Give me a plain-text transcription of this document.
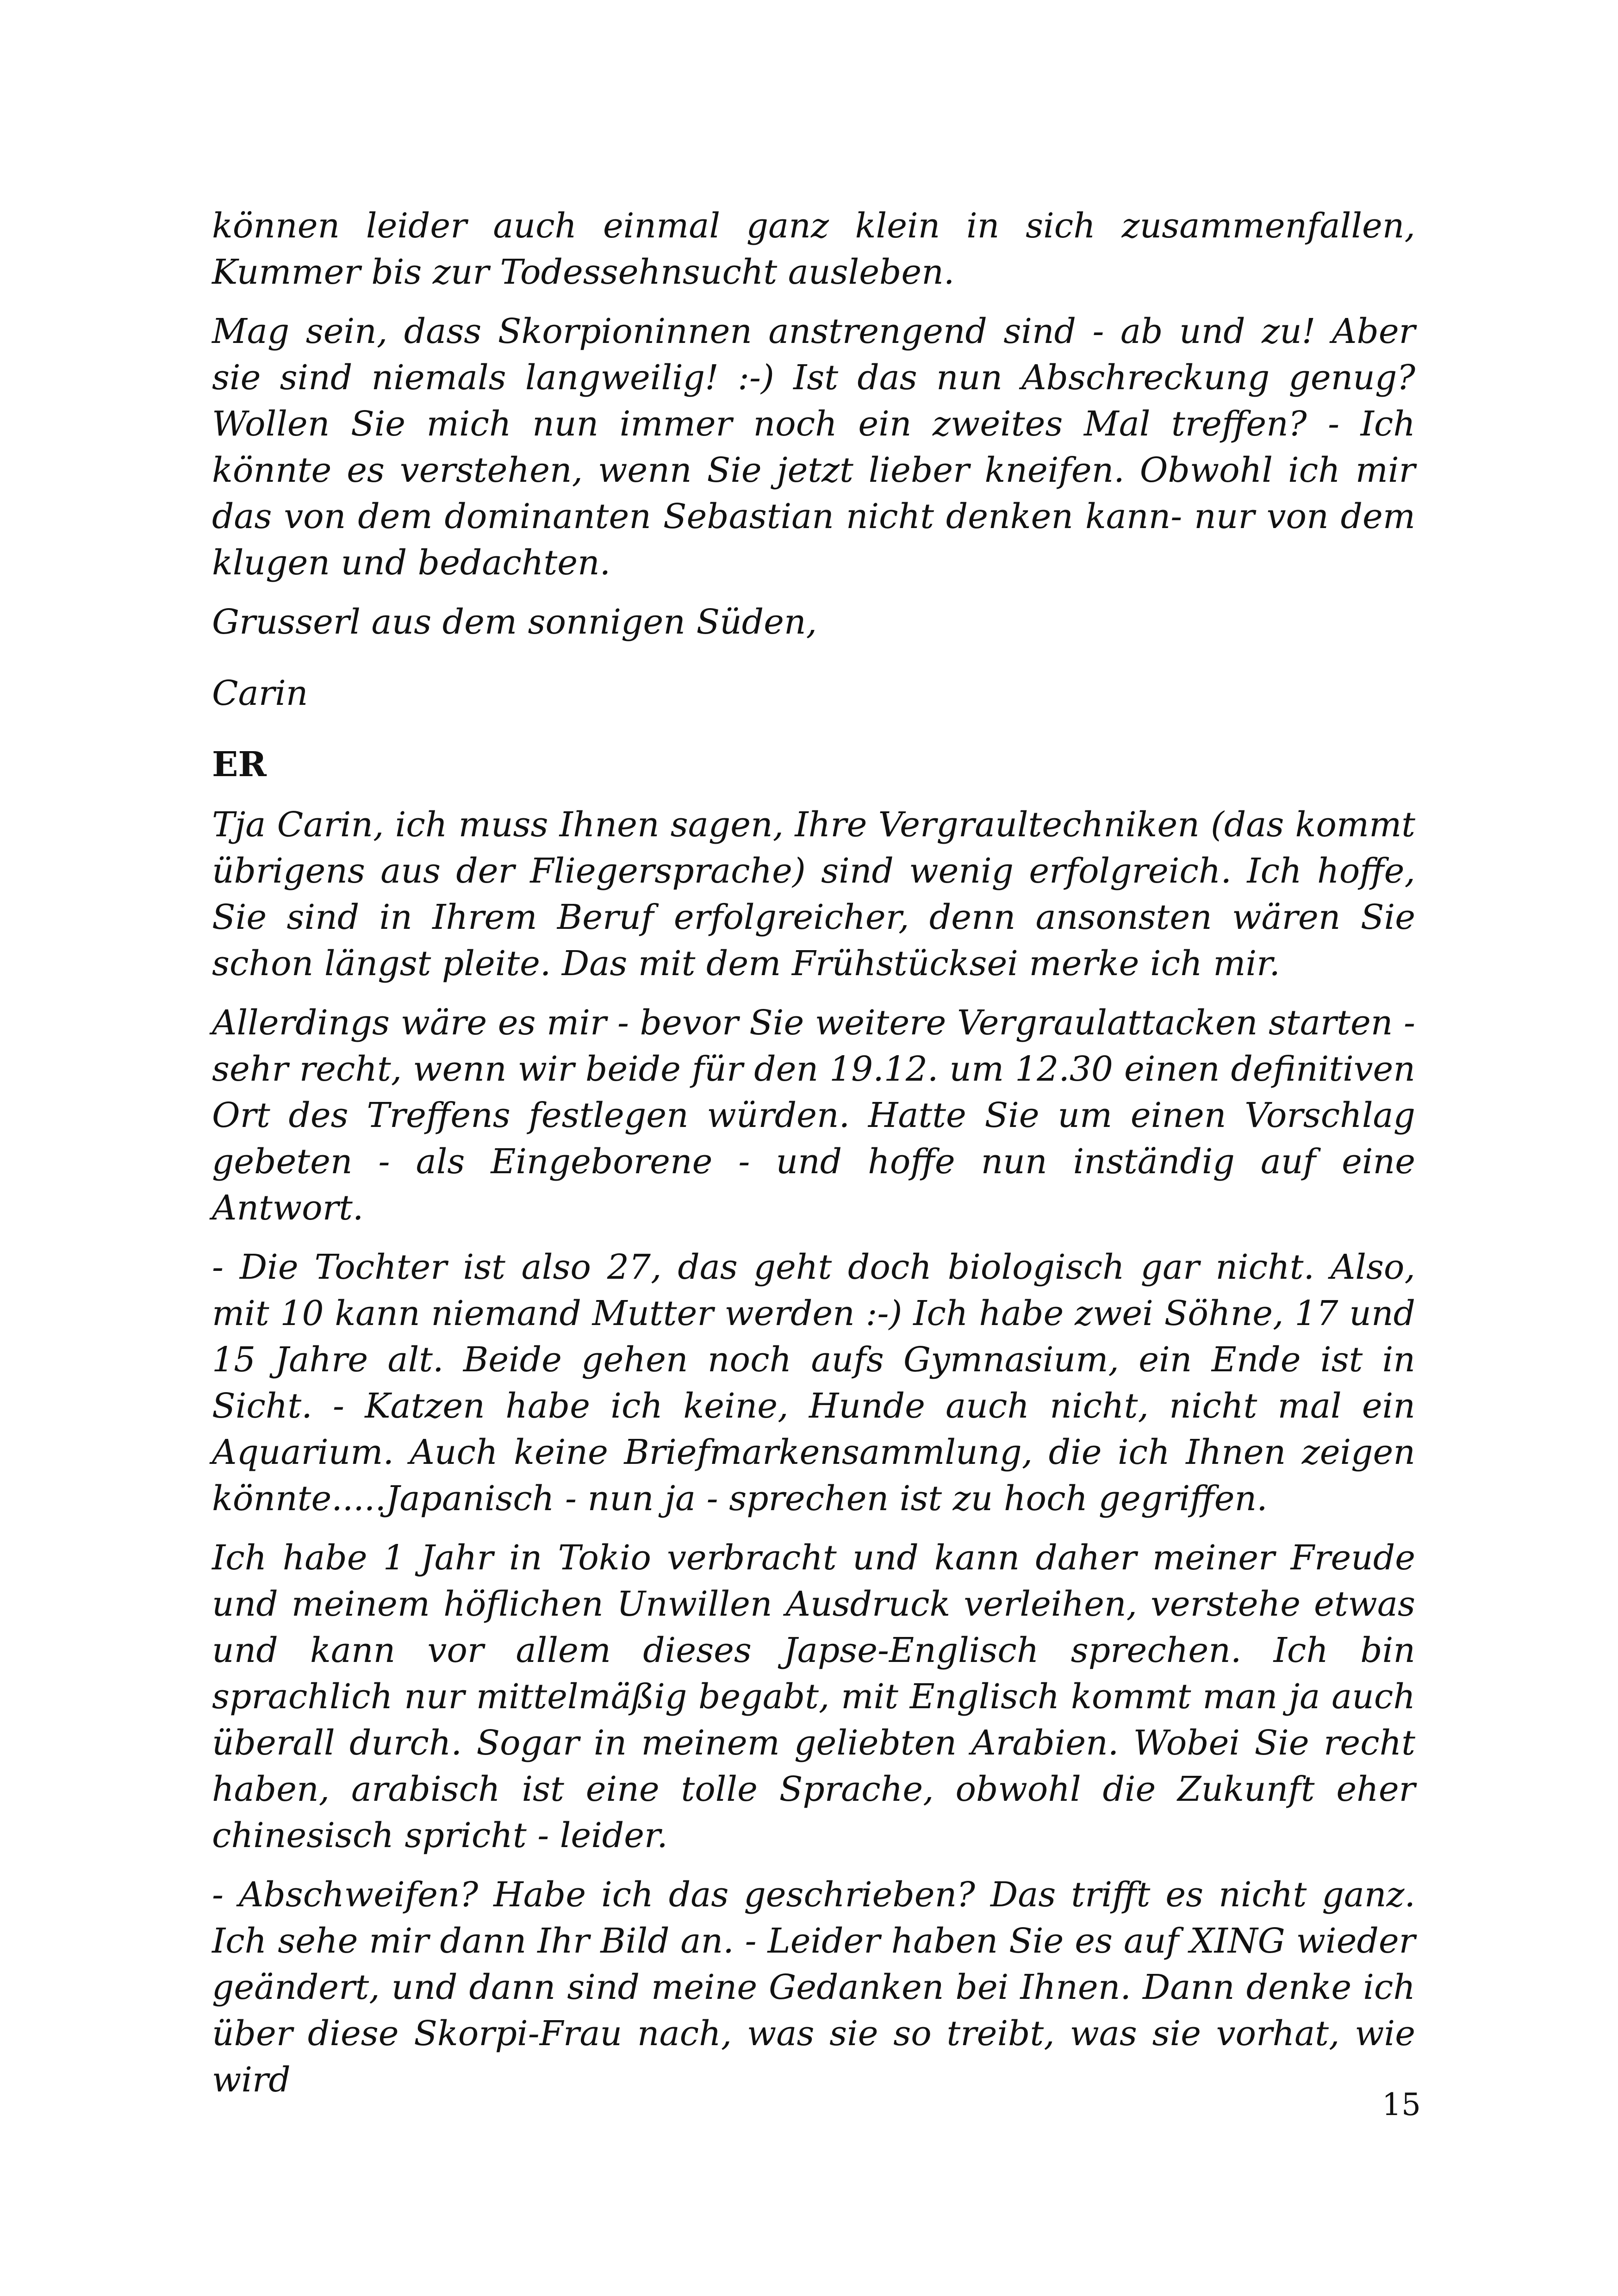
können leider auch einmal ganz klein in sich zusammenfallen, Kummer bis zur Todessehnsucht ausleben.

Mag sein, dass Skorpioninnen anstrengend sind - ab und zu! Aber sie sind niemals langweilig! :-) Ist das nun Abschreckung genug? Wollen Sie mich nun immer noch ein zweites Mal treffen? - Ich könnte es verstehen, wenn Sie jetzt lieber kneifen. Obwohl ich mir das von dem dominanten Sebastian nicht denken kann- nur von dem klugen und bedachten.

Grusserl aus dem sonnigen Süden,

Carin

ER

Tja Carin, ich muss Ihnen sagen, Ihre Vergraultechniken (das kommt übrigens aus der Fliegersprache) sind wenig erfolgreich. Ich hoffe, Sie sind in Ihrem Beruf erfolgreicher, denn ansonsten wären Sie schon längst pleite. Das mit dem Frühstücksei merke ich mir.

Allerdings wäre es mir - bevor Sie weitere Vergraulattacken starten - sehr recht, wenn wir beide für den 19.12. um 12.30 einen definitiven Ort des Treffens festlegen würden. Hatte Sie um einen Vorschlag gebeten - als Eingeborene - und hoffe nun inständig auf eine Antwort.

- Die Tochter ist also 27, das geht doch biologisch gar nicht. Also, mit 10 kann niemand Mutter werden :-) Ich habe zwei Söhne, 17 und 15 Jahre alt. Beide gehen noch aufs Gymnasium, ein Ende ist in Sicht. - Katzen habe ich keine, Hunde auch nicht, nicht mal ein Aquarium. Auch keine Briefmarkensammlung, die ich Ihnen zeigen könnte.....Japanisch - nun ja - sprechen ist zu hoch gegriffen.

Ich habe 1 Jahr in Tokio verbracht und kann daher meiner Freude und meinem höflichen Unwillen Ausdruck verleihen, verstehe etwas und kann vor allem dieses Japse-Englisch sprechen. Ich bin sprachlich nur mittelmäßig begabt, mit Englisch kommt man ja auch überall durch. Sogar in meinem geliebten Arabien. Wobei Sie recht haben, arabisch ist eine tolle Sprache, obwohl die Zukunft eher chinesisch spricht - leider.

- Abschweifen? Habe ich das geschrieben? Das trifft es nicht ganz. Ich sehe mir dann Ihr Bild an. - Leider haben Sie es auf XING wieder geändert, und dann sind meine Gedanken bei Ihnen. Dann denke ich über diese Skorpi-Frau nach, was sie so treibt, was sie vorhat, wie wird

15
